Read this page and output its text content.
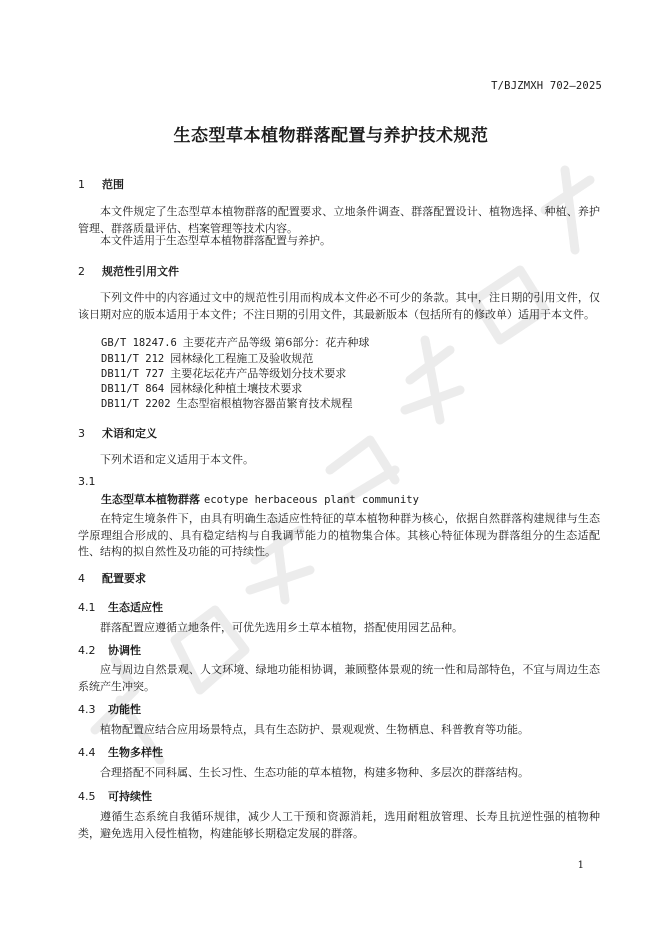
T/BJZMXH 702—2025
生态型草本植物群落配置与养护技术规范
1 范围
本文件规定了生态型草本植物群落的配置要求、立地条件调查、群落配置设计、植物选择、种植、养护管理、群落质量评估、档案管理等技术内容。
本文件适用于生态型草本植物群落配置与养护。
2 规范性引用文件
下列文件中的内容通过文中的规范性引用而构成本文件必不可少的条款。其中，注日期的引用文件，仅该日期对应的版本适用于本文件；不注日期的引用文件，其最新版本（包括所有的修改单）适用于本文件。
GB/T 18247.6 主要花卉产品等级 第6部分：花卉种球
DB11/T 212 园林绿化工程施工及验收规范
DB11/T 727 主要花坛花卉产品等级划分技术要求
DB11/T 864 园林绿化种植土壤技术要求
DB11/T 2202 生态型宿根植物容器苗繁育技术规程
3 术语和定义
下列术语和定义适用于本文件。
3.1
生态型草本植物群落 ecotype herbaceous plant community
在特定生境条件下，由具有明确生态适应性特征的草本植物种群为核心，依据自然群落构建规律与生态学原理组合形成的、具有稳定结构与自我调节能力的植物集合体。其核心特征体现为群落组分的生态适配性、结构的拟自然性及功能的可持续性。
4 配置要求
4.1 生态适应性
群落配置应遵循立地条件，可优先选用乡土草本植物，搭配使用园艺品种。
4.2 协调性
应与周边自然景观、人文环境、绿地功能相协调，兼顾整体景观的统一性和局部特色，不宜与周边生态系统产生冲突。
4.3 功能性
植物配置应结合应用场景特点，具有生态防护、景观观赏、生物栖息、科普教育等功能。
4.4 生物多样性
合理搭配不同科属、生长习性、生态功能的草本植物，构建多物种、多层次的群落结构。
4.5 可持续性
遵循生态系统自我循环规律，减少人工干预和资源消耗，选用耐粗放管理、长寿且抗逆性强的植物种类，避免选用入侵性植物，构建能够长期稳定发展的群落。
1
